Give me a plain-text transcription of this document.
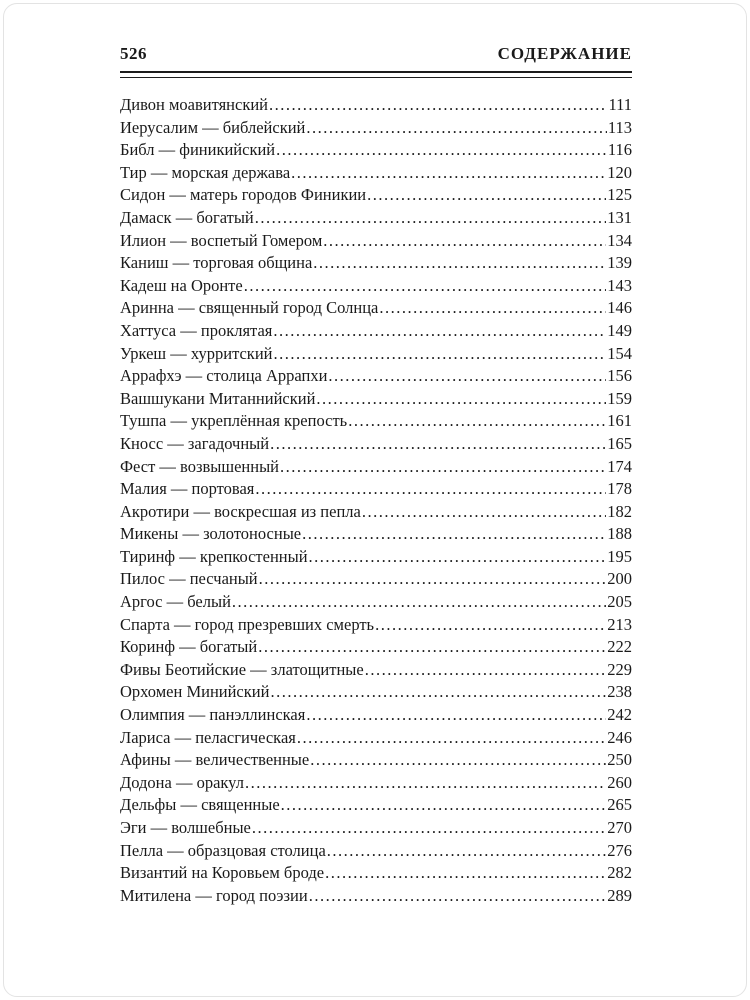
526	СОДЕРЖАНИЕ
Дивон моавитянский .....	111
Иерусалим — библейский .....	113
Библ — финикийский .....	116
Тир — морская держава .....	120
Сидон — матерь городов Финикии .....	125
Дамаск — богатый .....	131
Илион — воспетый Гомером .....	134
Каниш — торговая община .....	139
Кадеш на Оронте .....	143
Аринна — священный город Солнца .....	146
Хаттуса — проклятая .....	149
Уркеш — хурритский .....	154
Аррафхэ — столица Аррапхи .....	156
Вашшукани Митаннийский .....	159
Тушпа — укреплённая крепость .....	161
Кносс — загадочный .....	165
Фест — возвышенный .....	174
Малия — портовая .....	178
Акротири — воскресшая из пепла .....	182
Микены — золотоносные .....	188
Тиринф — крепкостенный .....	195
Пилос — песчаный .....	200
Аргос — белый .....	205
Спарта — город презревших смерть .....	213
Коринф — богатый .....	222
Фивы Беотийские — златощитные .....	229
Орхомен Минийский .....	238
Олимпия — панэллинская .....	242
Лариса — пеласгическая .....	246
Афины — величественные .....	250
Додона — оракул .....	260
Дельфы — священные .....	265
Эги — волшебные .....	270
Пелла — образцовая столица .....	276
Византий на Коровьем броде .....	282
Митилена — город поэзии .....	289
